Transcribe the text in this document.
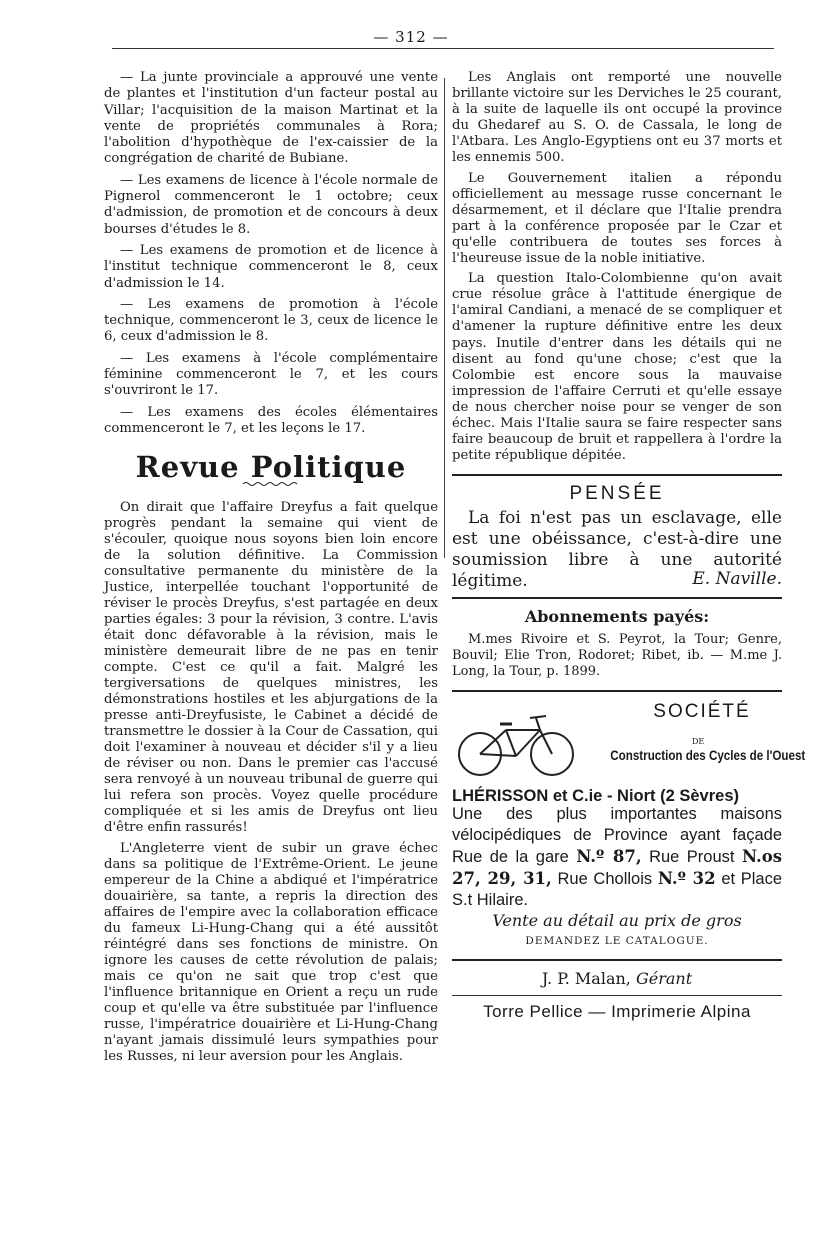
— 312 —

— La junte provinciale a approuvé une vente de plantes et l'institution d'un facteur postal au Villar; l'acquisition de la maison Martinat et la vente de propriétés communales à Rora; l'abolition d'hypothèque de l'ex-caissier de la congrégation de charité de Bubiane.

— Les examens de licence à l'école normale de Pignerol commenceront le 1 octobre; ceux d'admission, de promotion et de concours à deux bourses d'études le 8.

— Les examens de promotion et de licence à l'institut technique commenceront le 8, ceux d'admission le 14.

— Les examens de promotion à l'école technique, commenceront le 3, ceux de licence le 6, ceux d'admission le 8.

— Les examens à l'école complémentaire féminine commenceront le 7, et les cours s'ouvriront le 17.

— Les examens des écoles élémentaires commenceront le 7, et les leçons le 17.

Revue Politique

On dirait que l'affaire Dreyfus a fait quelque progrès pendant la semaine qui vient de s'écouler, quoique nous soyons bien loin encore de la solution définitive. La Commission consultative permanente du ministère de la Justice, interpellée touchant l'opportunité de réviser le procès Dreyfus, s'est partagée en deux parties égales: 3 pour la révision, 3 contre. L'avis était donc défavorable à la révision, mais le ministère demeurait libre de ne pas en tenir compte. C'est ce qu'il a fait. Malgré les tergiversations de quelques ministres, les démonstrations hostiles et les abjurgations de la presse anti-Dreyfusiste, le Cabinet a décidé de transmettre le dossier à la Cour de Cassation, qui doit l'examiner à nouveau et décider s'il y a lieu de réviser ou non. Dans le premier cas l'accusé sera renvoyé à un nouveau tribunal de guerre qui lui refera son procès. Voyez quelle procédure compliquée et si les amis de Dreyfus ont lieu d'être enfin rassurés!

L'Angleterre vient de subir un grave échec dans sa politique de l'Extrême-Orient. Le jeune empereur de la Chine a abdiqué et l'impératrice douairière, sa tante, a repris la direction des affaires de l'empire avec la collaboration efficace du fameux Li-Hung-Chang qui a été aussitôt réintégré dans ses fonctions de ministre. On ignore les causes de cette révolution de palais; mais ce qu'on ne sait que trop c'est que l'influence britannique en Orient a reçu un rude coup et qu'elle va être substituée par l'influence russe, l'impératrice douairière et Li-Hung-Chang n'ayant jamais dissimulé leurs sympathies pour les Russes, ni leur aversion pour les Anglais.

Les Anglais ont remporté une nouvelle brillante victoire sur les Derviches le 25 courant, à la suite de laquelle ils ont occupé la province du Ghedaref au S. O. de Cassala, le long de l'Atbara. Les Anglo-Egyptiens ont eu 37 morts et les ennemis 500.

Le Gouvernement italien a répondu officiellement au message russe concernant le désarmement, et il déclare que l'Italie prendra part à la conférence proposée par le Czar et qu'elle contribuera de toutes ses forces à l'heureuse issue de la noble initiative.

La question Italo-Colombienne qu'on avait crue résolue grâce à l'attitude énergique de l'amiral Candiani, a menacé de se compliquer et d'amener la rupture définitive entre les deux pays. Inutile d'entrer dans les détails qui ne disent au fond qu'une chose; c'est que la Colombie est encore sous la mauvaise impression de l'affaire Cerruti et qu'elle essaye de nous chercher noise pour se venger de son échec. Mais l'Italie saura se faire respecter sans faire beaucoup de bruit et rappellera à l'ordre la petite république dépitée.

PENSÉE
La foi n'est pas un esclavage, elle est une obéissance, c'est-à-dire une soumission libre à une autorité légitime.	E. Naville.
Abonnements payés:
M.mes Rivoire et S. Peyrot, la Tour; Genre, Bouvil; Elie Tron, Rodoret; Ribet, ib. — M.me J. Long, la Tour, p. 1899.
SOCIÉTÉ
DE
Construction des Cycles de l'Ouest
LHÉRISSON et C.ie - Niort (2 Sèvres)
Une des plus importantes maisons vélocipédiques de Province ayant façade Rue de la gare N.º 87, Rue Proust N.os 27, 29, 31, Rue Chollois N.º 32 et Place S.t Hilaire.
Vente au détail au prix de gros
DEMANDEZ LE CATALOGUE.
J. P. Malan, Gérant
Torre Pellice — Imprimerie Alpina
